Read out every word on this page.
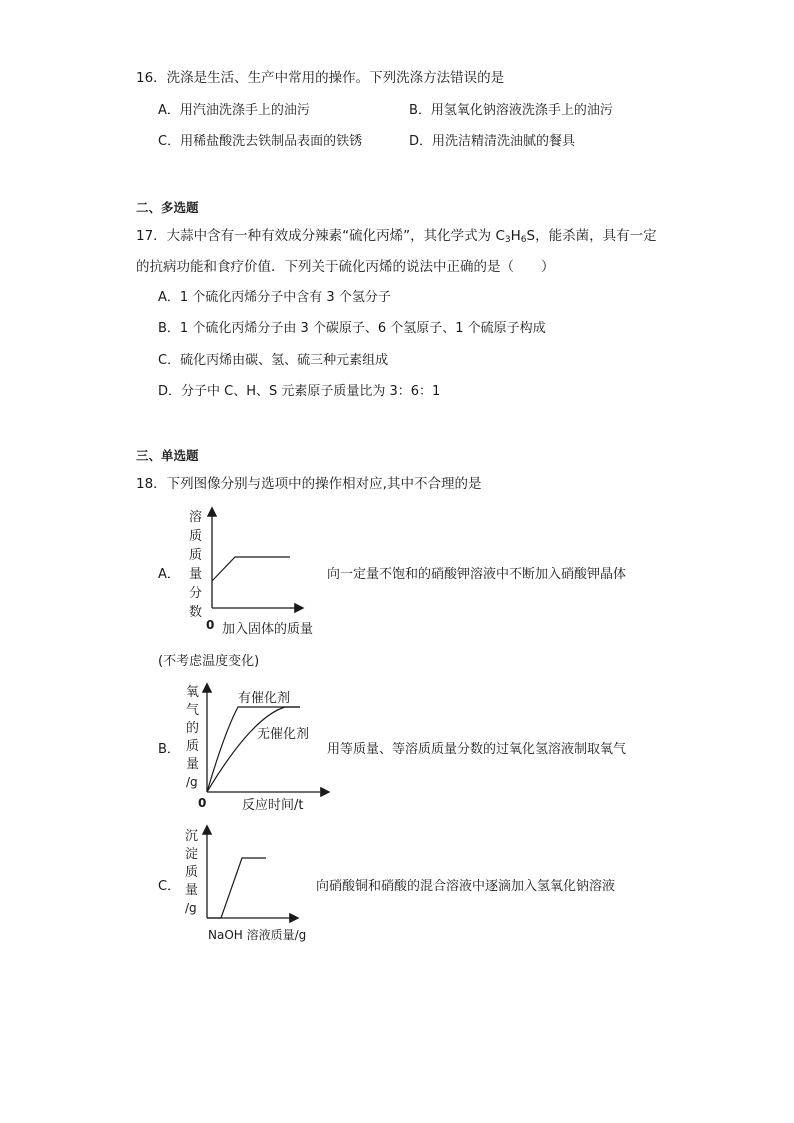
16．洗涤是生活、生产中常用的操作。下列洗涤方法错误的是
A．用汽油洗涤手上的油污	B．用氢氧化钠溶液洗涤手上的油污
C．用稀盐酸洗去铁制品表面的铁锈	D．用洗洁精清洗油腻的餐具
二、多选题
17．大蒜中含有一种有效成分辣素“硫化丙烯”，其化学式为 $C_3H_6S$，能杀菌，具有一定
的抗病功能和食疗价值．下列关于硫化丙烯的说法中正确的是（　　）
A．1 个硫化丙烯分子中含有 3 个氢分子
B．1 个硫化丙烯分子由 3 个碳原子、6 个氢原子、1 个硫原子构成
C．硫化丙烯由碳、氢、硫三种元素组成
D．分子中 C、H、S 元素原子质量比为 3：6：1
三、单选题
18．下列图像分别与选项中的操作相对应,其中不合理的是
A．
溶
质
质
量
分
数
0 加入固体的质量
向一定量不饱和的硝酸钾溶液中不断加入硝酸钾晶体
(不考虑温度变化)
B．
有催化剂
无催化剂
氧
气
的
质
量
/g
0	反应时间/t
用等质量、等溶质质量分数的过氧化氢溶液制取氧气
C．
沉
淀
质
量
/g
NaOH 溶液质量/g
向硝酸铜和硝酸的混合溶液中逐滴加入氢氧化钠溶液
